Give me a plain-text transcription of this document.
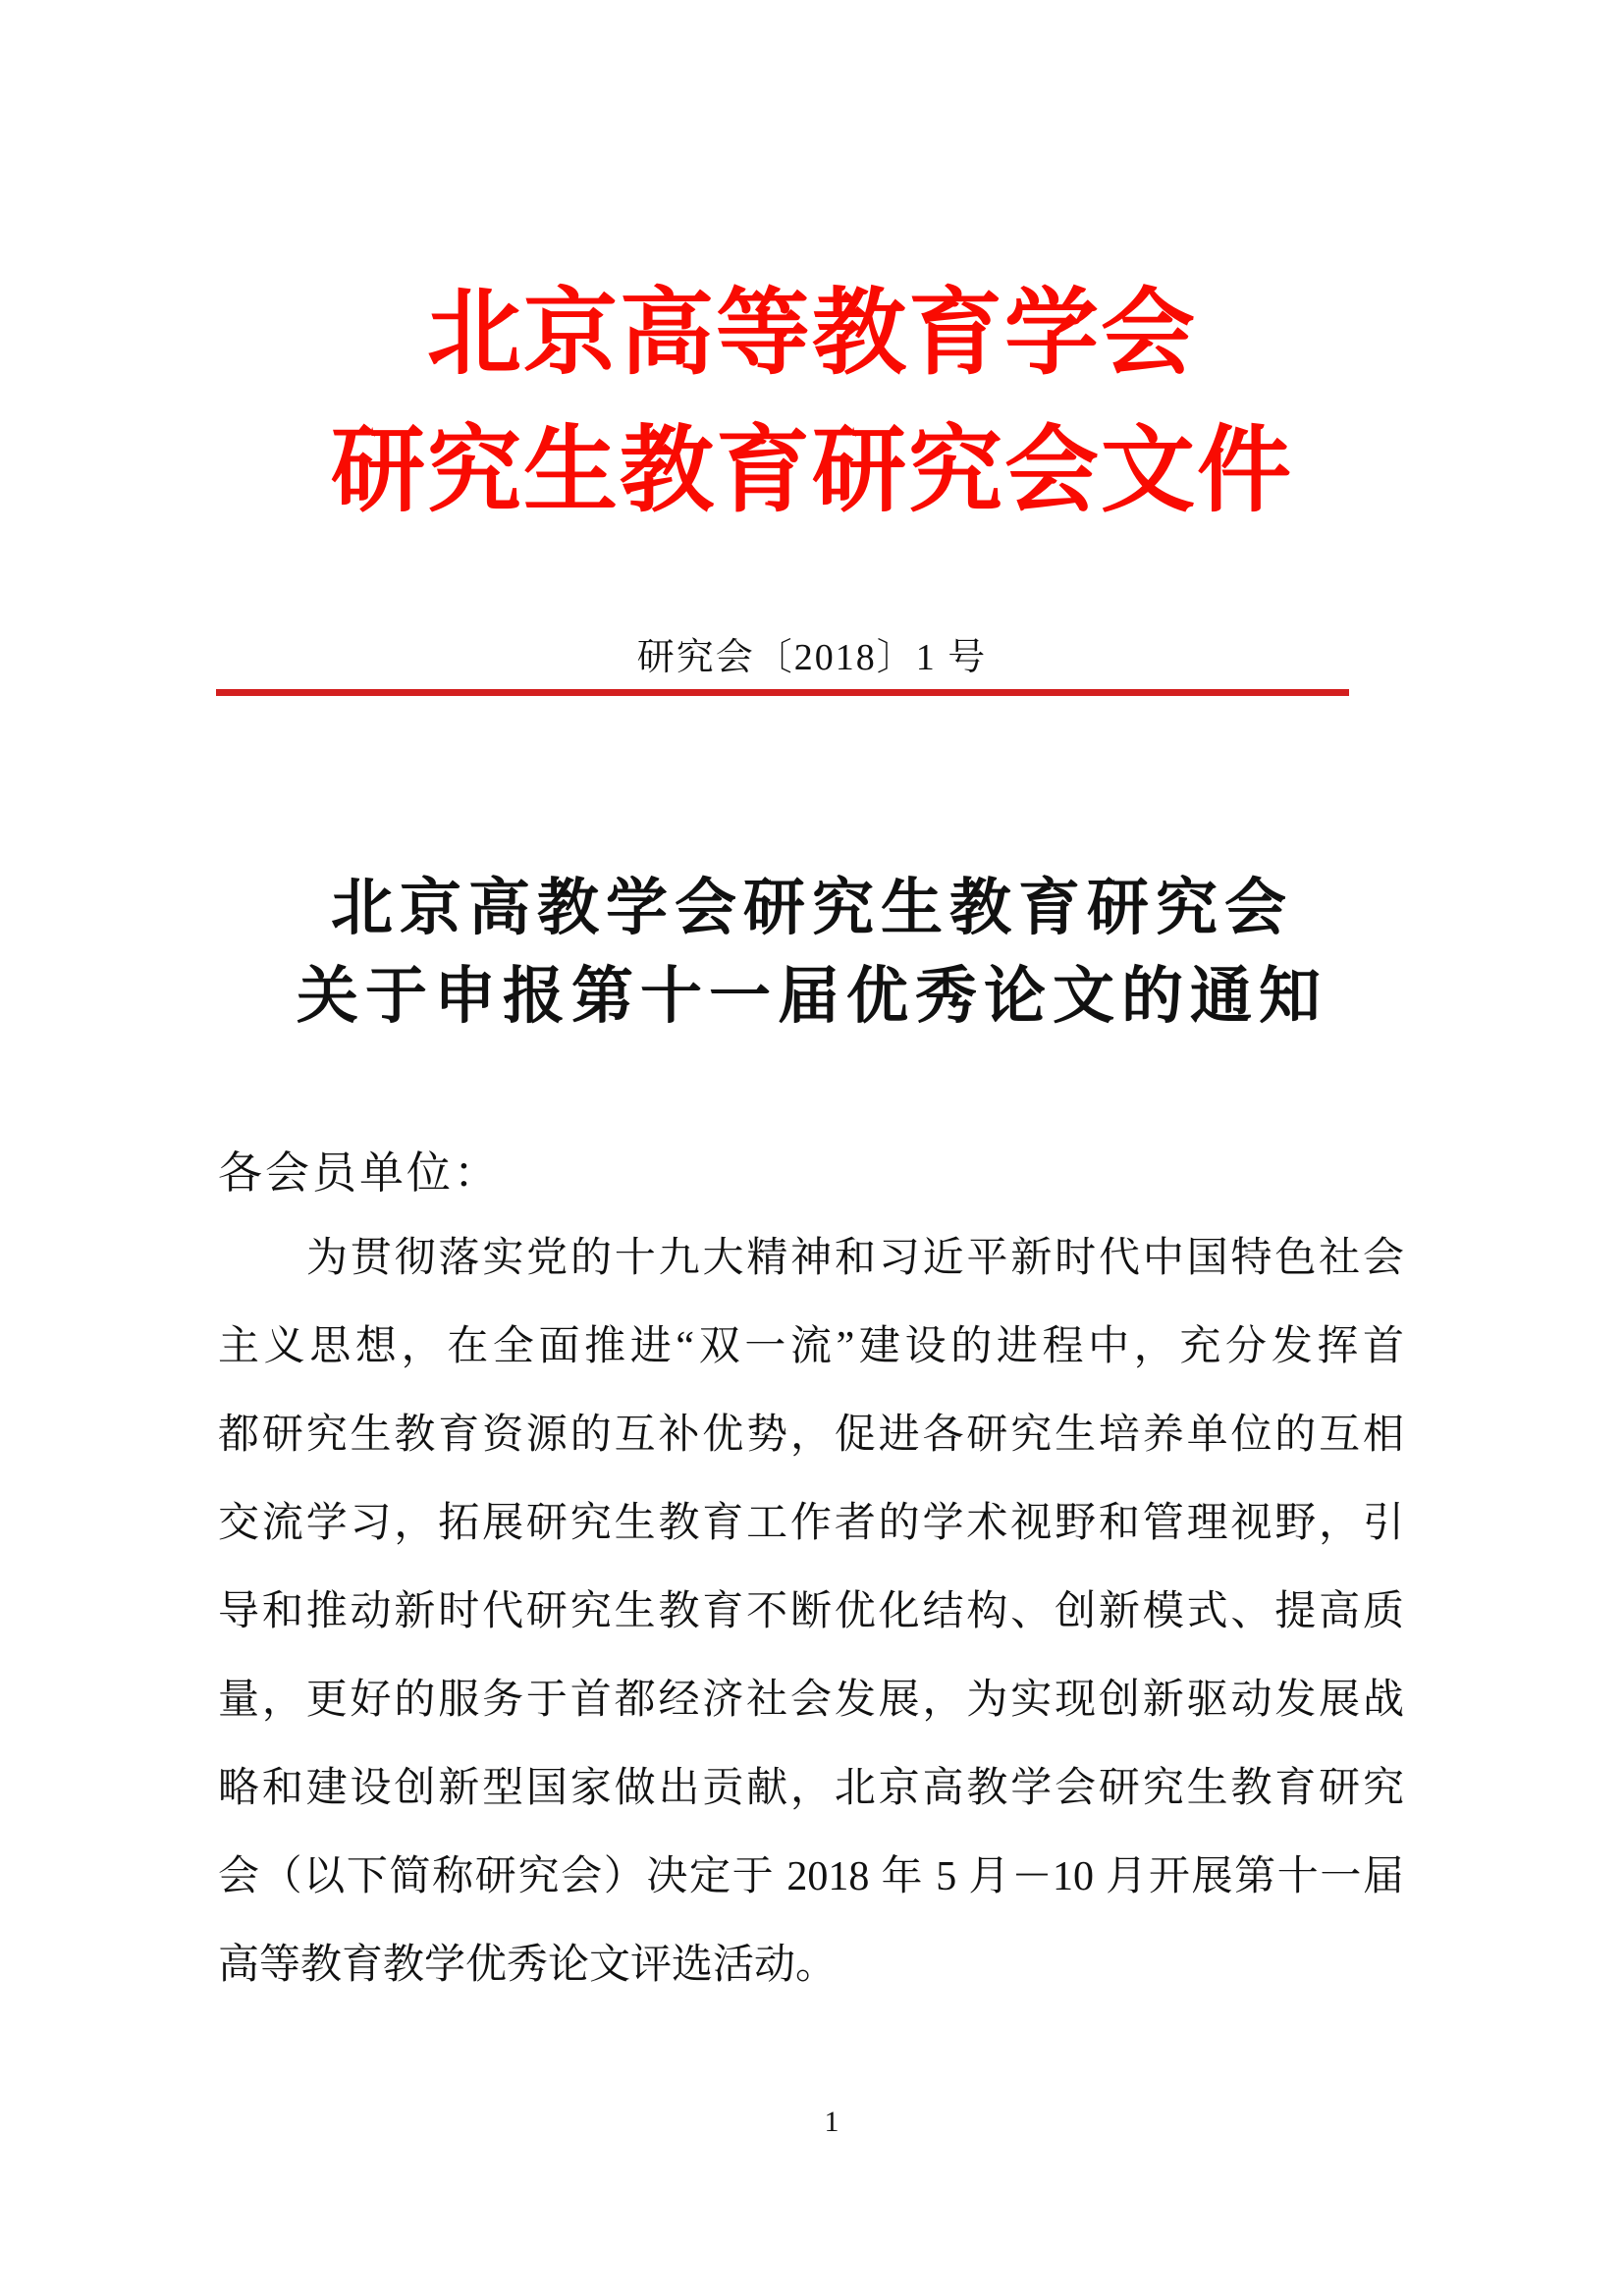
北京高等教育学会
研究生教育研究会文件
研究会〔2018〕1 号
北京高教学会研究生教育研究会
关于申报第十一届优秀论文的通知
各会员单位：
为贯彻落实党的十九大精神和习近平新时代中国特色社会
主义思想，在全面推进“双一流”建设的进程中，充分发挥首
都研究生教育资源的互补优势，促进各研究生培养单位的互相
交流学习，拓展研究生教育工作者的学术视野和管理视野，引
导和推动新时代研究生教育不断优化结构、创新模式、提高质
量，更好的服务于首都经济社会发展，为实现创新驱动发展战
略和建设创新型国家做出贡献，北京高教学会研究生教育研究
会（以下简称研究会）决定于 2018 年 5 月－10 月开展第十一届
高等教育教学优秀论文评选活动。
1
